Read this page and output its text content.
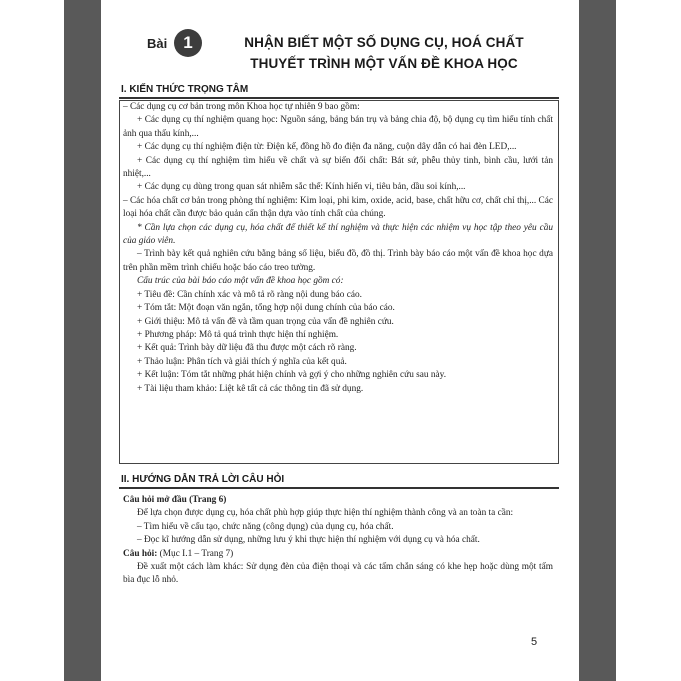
Bài 1	NHẬN BIẾT MỘT SỐ DỤNG CỤ, HOÁ CHẤT
THUYẾT TRÌNH MỘT VẤN ĐỀ KHOA HỌC
I. KIẾN THỨC TRỌNG TÂM

– Các dụng cụ cơ bản trong môn Khoa học tự nhiên 9 bao gồm:

+ Các dụng cụ thí nghiệm quang học: Nguồn sáng, bảng bán trụ và bảng chia độ, bộ dụng cụ tìm hiểu tính chất ảnh qua thấu kính,...

+ Các dụng cụ thí nghiệm điện từ: Điện kế, đồng hồ đo điện đa năng, cuộn dây dẫn có hai đèn LED,...

+ Các dụng cụ thí nghiệm tìm hiểu về chất và sự biến đổi chất: Bát sứ, phễu thủy tinh, bình cầu, lưới tản nhiệt,...

+ Các dụng cụ dùng trong quan sát nhiễm sắc thể: Kính hiển vi, tiêu bản, dầu soi kính,...

– Các hóa chất cơ bản trong phòng thí nghiệm: Kim loại, phi kim, oxide, acid, base, chất hữu cơ, chất chỉ thị,... Các loại hóa chất cần được bảo quản cẩn thận dựa vào tính chất của chúng.

* Cần lựa chọn các dụng cụ, hóa chất để thiết kế thí nghiệm và thực hiện các nhiệm vụ học tập theo yêu cầu của giáo viên.

– Trình bày kết quả nghiên cứu bằng bảng số liệu, biểu đồ, đồ thị. Trình bày báo cáo một vấn đề khoa học dựa trên phần mềm trình chiếu hoặc báo cáo treo tường.

Cấu trúc của bài báo cáo một vấn đề khoa học gồm có:

+ Tiêu đề: Cần chính xác và mô tả rõ ràng nội dung báo cáo.

+ Tóm tắt: Một đoạn văn ngắn, tổng hợp nội dung chính của báo cáo.

+ Giới thiệu: Mô tả vấn đề và tầm quan trọng của vấn đề nghiên cứu.

+ Phương pháp: Mô tả quá trình thực hiện thí nghiệm.

+ Kết quả: Trình bày dữ liệu đã thu được một cách rõ ràng.

+ Thảo luận: Phân tích và giải thích ý nghĩa của kết quả.

+ Kết luận: Tóm tắt những phát hiện chính và gợi ý cho những nghiên cứu sau này.

+ Tài liệu tham khảo: Liệt kê tất cả các thông tin đã sử dụng.

II. HƯỚNG DẪN TRẢ LỜI CÂU HỎI

Câu hỏi mở đầu (Trang 6)

Để lựa chọn được dụng cụ, hóa chất phù hợp giúp thực hiện thí nghiệm thành công và an toàn ta cần:

– Tìm hiểu về cấu tạo, chức năng (công dụng) của dụng cụ, hóa chất.

– Đọc kĩ hướng dẫn sử dụng, những lưu ý khi thực hiện thí nghiệm với dụng cụ và hóa chất.

Câu hỏi: (Mục I.1 – Trang 7)

Đề xuất một cách làm khác: Sử dụng đèn của điện thoại và các tấm chắn sáng có khe hẹp hoặc dùng một tấm bìa đục lỗ nhỏ.

5
